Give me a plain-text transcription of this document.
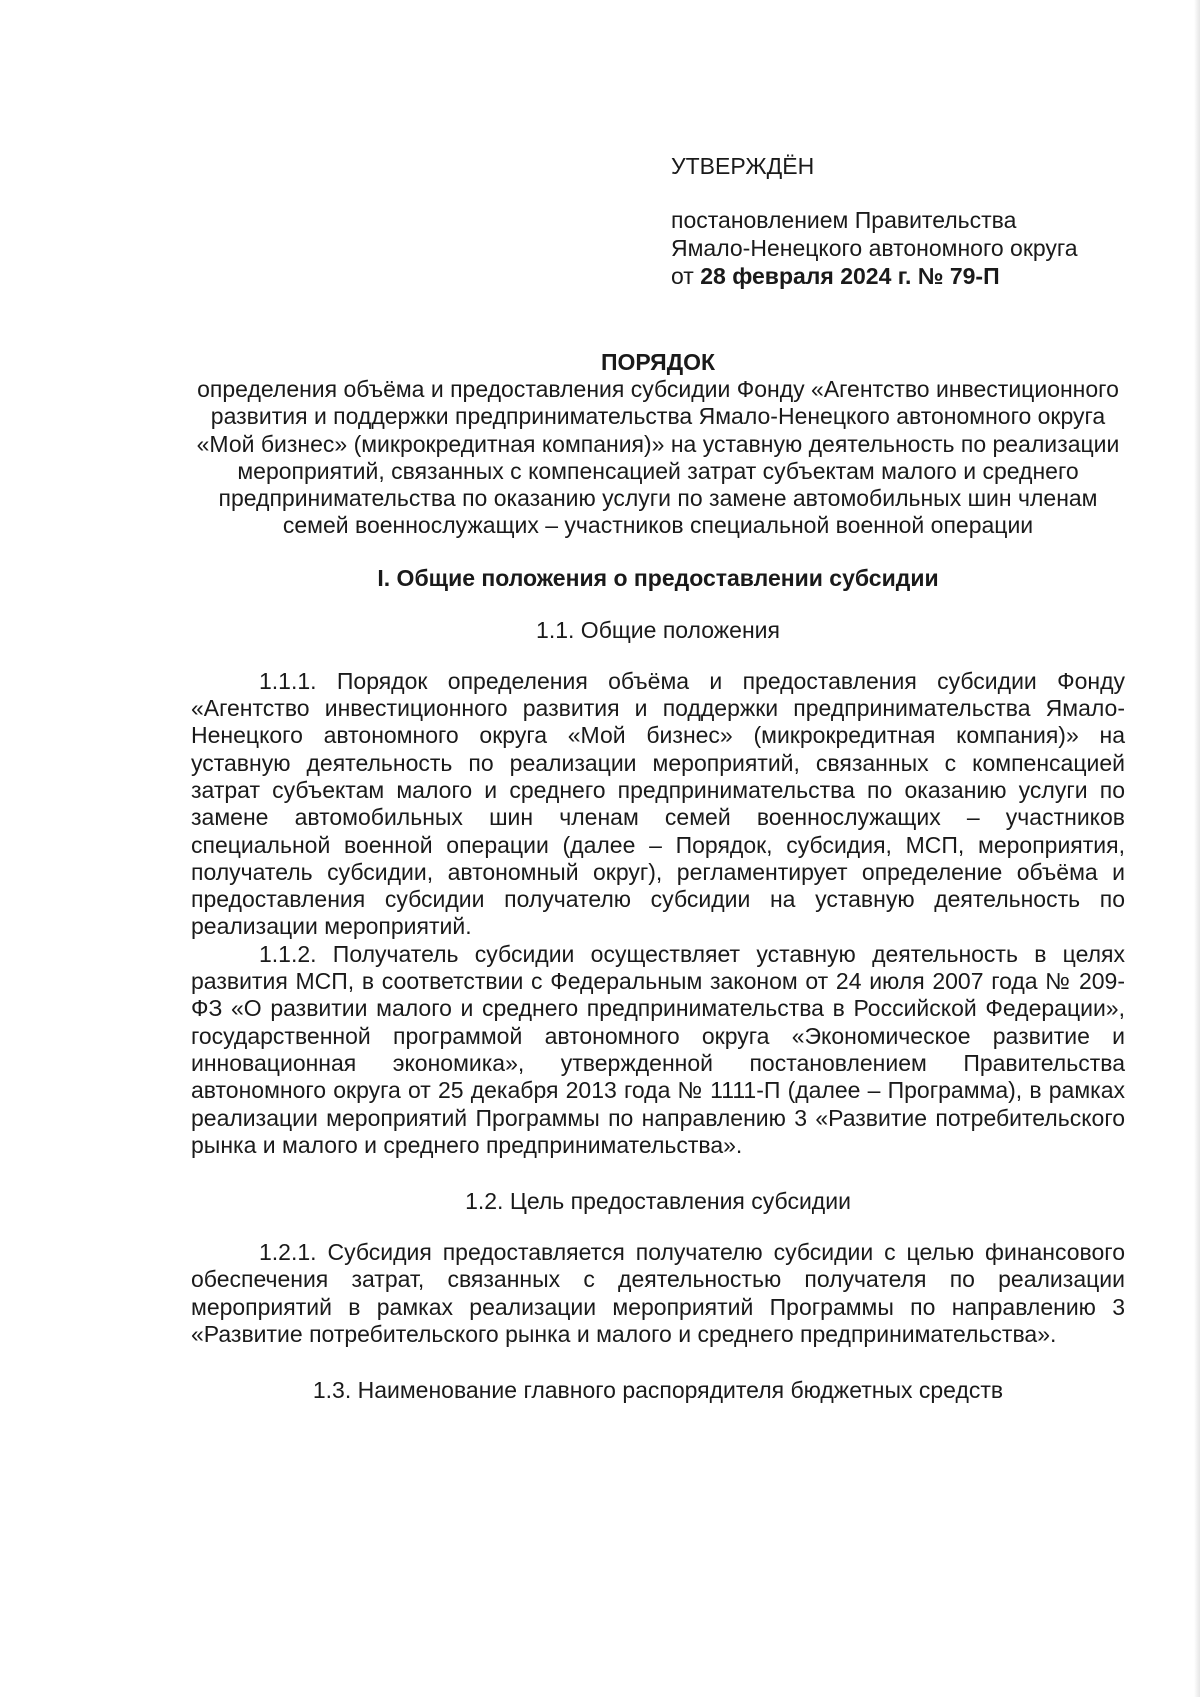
УТВЕРЖДЁН

постановлением Правительства

Ямало-Ненецкого автономного округа

от 28 февраля 2024 г. № 79-П

ПОРЯДОК

определения объёма и предоставления субсидии Фонду «Агентство инвестиционного развития и поддержки предпринимательства Ямало-Ненецкого автономного округа «Мой бизнес» (микрокредитная компания)» на уставную деятельность по реализации мероприятий, связанных с компенсацией затрат субъектам малого и среднего предпринимательства по оказанию услуги по замене автомобильных шин членам семей военнослужащих – участников специальной военной операции

I. Общие положения о предоставлении субсидии

1.1. Общие положения

1.1.1. Порядок определения объёма и предоставления субсидии Фонду «Агентство инвестиционного развития и поддержки предпринимательства Ямало-Ненецкого автономного округа «Мой бизнес» (микрокредитная компания)» на уставную деятельность по реализации мероприятий, связанных с компенсацией затрат субъектам малого и среднего предпринимательства по оказанию услуги по замене автомобильных шин членам семей военнослужащих – участников специальной военной операции (далее – Порядок, субсидия, МСП, мероприятия, получатель субсидии, автономный округ), регламентирует определение объёма и предоставления субсидии получателю субсидии на уставную деятельность по реализации мероприятий.

1.1.2. Получатель субсидии осуществляет уставную деятельность в целях развития МСП, в соответствии с Федеральным законом от 24 июля 2007 года № 209-ФЗ «О развитии малого и среднего предпринимательства в Российской Федерации», государственной программой автономного округа «Экономическое развитие и инновационная экономика», утвержденной постановлением Правительства автономного округа от 25 декабря 2013 года № 1111-П (далее – Программа), в рамках реализации мероприятий Программы по направлению 3 «Развитие потребительского рынка и малого и среднего предпринимательства».

1.2. Цель предоставления субсидии

1.2.1. Субсидия предоставляется получателю субсидии с целью финансового обеспечения затрат, связанных с деятельностью получателя по реализации мероприятий в рамках реализации мероприятий Программы по направлению 3 «Развитие потребительского рынка и малого и среднего предпринимательства».

1.3. Наименование главного распорядителя бюджетных средств
